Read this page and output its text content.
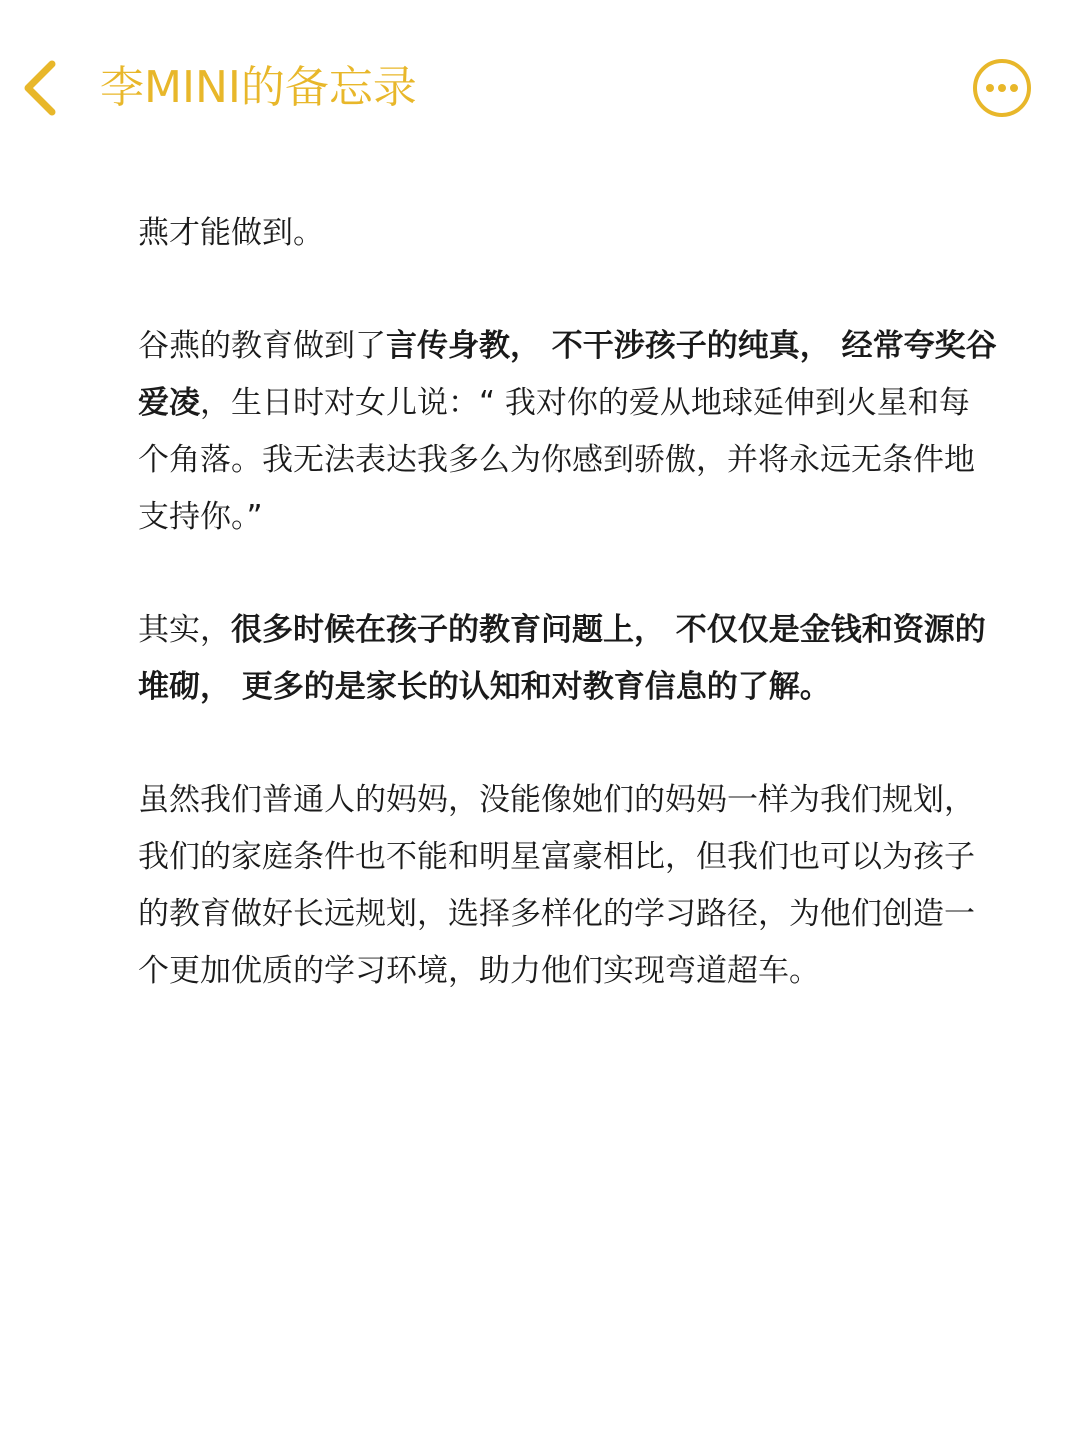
李MINI的备忘录

燕才能做到。

谷燕的教育做到了言传身教， 不干涉孩子的纯真， 经常夸奖谷爱凌，生日时对女儿说：“ 我对你的爱从地球延伸到火星和每个角落。我无法表达我多么为你感到骄傲，并将永远无条件地支持你。”

其实，很多时候在孩子的教育问题上， 不仅仅是金钱和资源的堆砌， 更多的是家长的认知和对教育信息的了解。

虽然我们普通人的妈妈，没能像她们的妈妈一样为我们规划，我们的家庭条件也不能和明星富豪相比，但我们也可以为孩子的教育做好长远规划，选择多样化的学习路径，为他们创造一个更加优质的学习环境，助力他们实现弯道超车。
